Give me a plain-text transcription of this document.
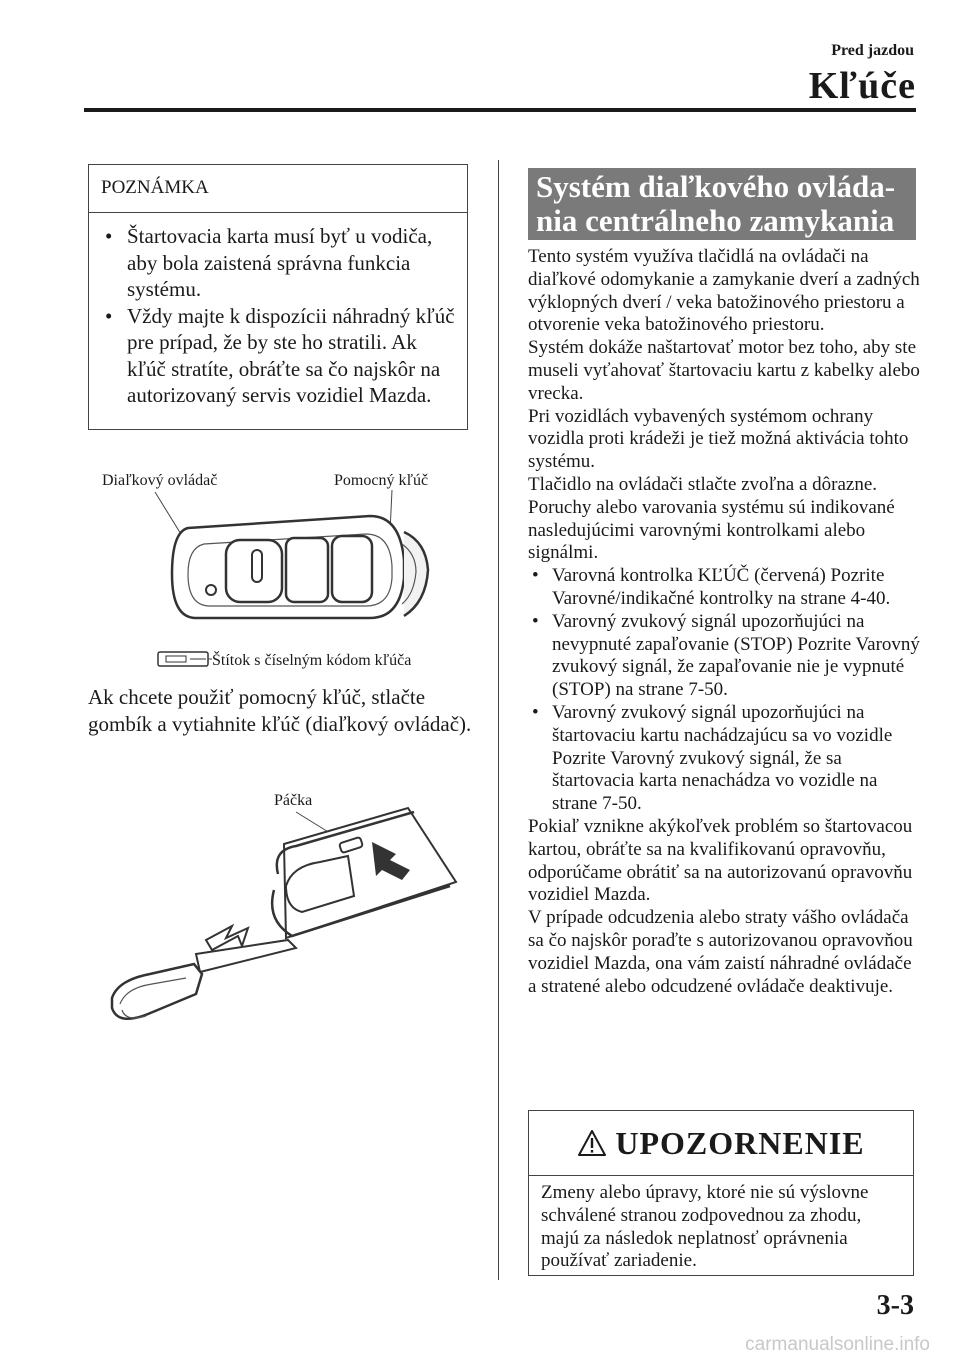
Pred jazdou
Kľúče
POZNÁMKA
• Štartovacia karta musí byť u vodiča, aby bola zaistená správna funkcia systému.
• Vždy majte k dispozícii náhradný kľúč pre prípad, že by ste ho stratili. Ak kľúč stratíte, obráťte sa čo najskôr na autorizovaný servis vozidiel Mazda.
Diaľkový ovládač	Pomocný kľúč
Štítok s číselným kódom kľúča

Ak chcete použiť pomocný kľúč, stlačte gombík a vytiahnite kľúč (diaľkový ovládač).

Páčka
Systém diaľkového ovláda-
nia centrálneho zamykania

Tento systém využíva tlačidlá na ovládači na diaľkové odomykanie a zamykanie dverí a zadných výklopných dverí / veka batožinového priestoru a otvorenie veka batožinového priestoru.

Systém dokáže naštartovať motor bez toho, aby ste museli vyťahovať štartovaciu kartu z kabelky alebo vrecka.

Pri vozidlách vybavených systémom ochrany vozidla proti krádeži je tiež možná aktivácia tohto systému.

Tlačidlo na ovládači stlačte zvoľna a dôrazne.

Poruchy alebo varovania systému sú indikované nasledujúcimi varovnými kontrolkami alebo signálmi.

• Varovná kontrolka KĽÚČ (červená) Pozrite Varovné/indikačné kontrolky na strane 4-40.
• Varovný zvukový signál upozorňujúci na nevypnuté zapaľovanie (STOP) Pozrite Varovný zvukový signál, že zapaľovanie nie je vypnuté (STOP) na strane 7-50.
• Varovný zvukový signál upozorňujúci na štartovaciu kartu nachádzajúcu sa vo vozidle Pozrite Varovný zvukový signál, že sa štartovacia karta nenachádza vo vozidle na strane 7-50.

Pokiaľ vznikne akýkoľvek problém so štartovacou kartou, obráťte sa na kvalifikovanú opravovňu, odporúčame obrátiť sa na autorizovanú opravovňu vozidiel Mazda.

V prípade odcudzenia alebo straty vášho ovládača sa čo najskôr poraďte s autorizovanou opravovňou vozidiel Mazda, ona vám zaistí náhradné ovládače a stratené alebo odcudzené ovládače deaktivuje.

UPOZORNENIE
Zmeny alebo úpravy, ktoré nie sú výslovne schválené stranou zodpovednou za zhodu, majú za následok neplatnosť oprávnenia používať zariadenie.
3-3
carmanualsonline.info
